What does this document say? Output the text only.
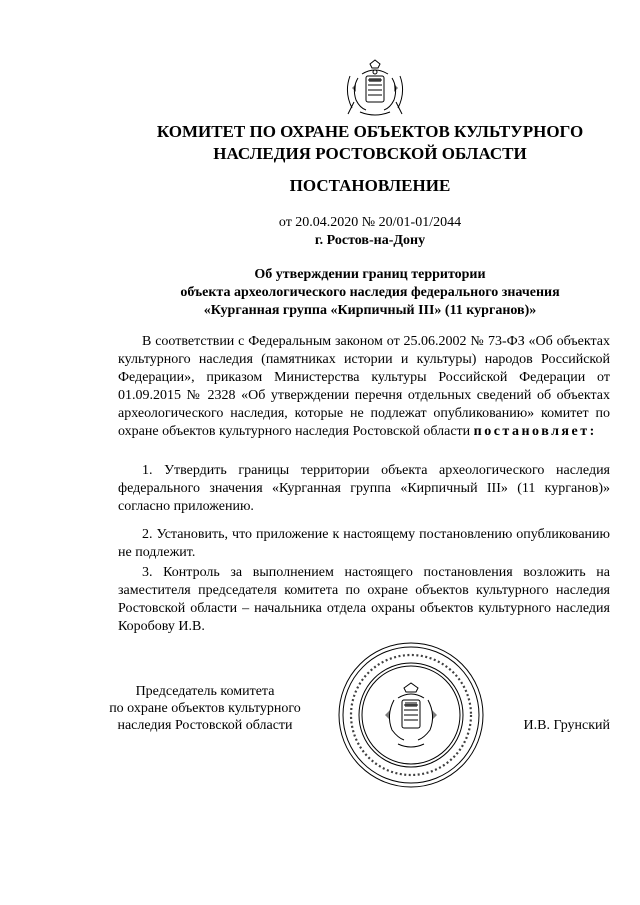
КОМИТЕТ ПО ОХРАНЕ ОБЪЕКТОВ КУЛЬТУРНОГО
НАСЛЕДИЯ РОСТОВСКОЙ ОБЛАСТИ
ПОСТАНОВЛЕНИЕ
от 20.04.2020 № 20/01-01/2044
г. Ростов-на-Дону
Об утверждении границ территории
объекта археологического наследия федерального значения
«Курганная группа «Кирпичный III» (11 курганов)»
В соответствии с Федеральным законом от 25.06.2002 № 73-ФЗ «Об объектах культурного наследия (памятниках истории и культуры) народов Российской Федерации», приказом Министерства культуры Российской Федерации от 01.09.2015 № 2328 «Об утверждении перечня отдельных сведений об объектах археологического наследия, которые не подлежат опубликованию» комитет по охране объектов культурного наследия Ростовской области постановляет:
1. Утвердить границы территории объекта археологического наследия федерального значения «Курганная группа «Кирпичный III» (11 курганов)» согласно приложению.
2. Установить, что приложение к настоящему постановлению опубликованию не подлежит.
3. Контроль за выполнением настоящего постановления возложить на заместителя председателя комитета по охране объектов культурного наследия Ростовской области – начальника отдела охраны объектов культурного наследия Коробову И.В.
Председатель комитета
по охране объектов культурного
наследия Ростовской области	И.В. Грунский
